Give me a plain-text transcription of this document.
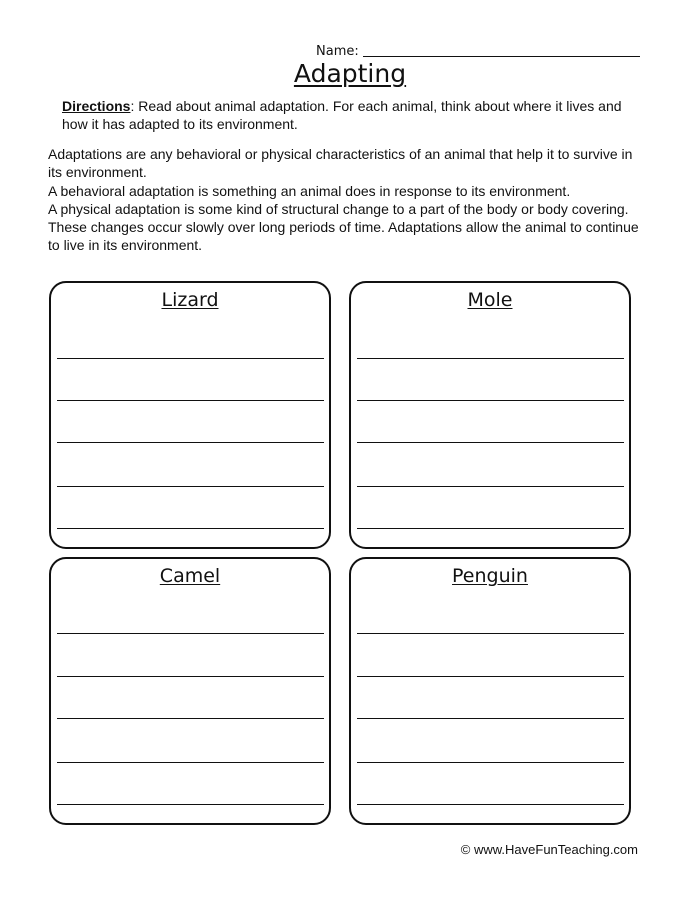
Name:
Adapting
Directions: Read about animal adaptation. For each animal, think about where it lives and how it has adapted to its environment.

Adaptations are any behavioral or physical characteristics of an animal that help it to survive in its environment.

A behavioral adaptation is something an animal does in response to its environment.

A physical adaptation is some kind of structural change to a part of the body or body covering.

These changes occur slowly over long periods of time. Adaptations allow the animal to continue to live in its environment.

Lizard	Mole
Camel	Penguin
© www.HaveFunTeaching.com
